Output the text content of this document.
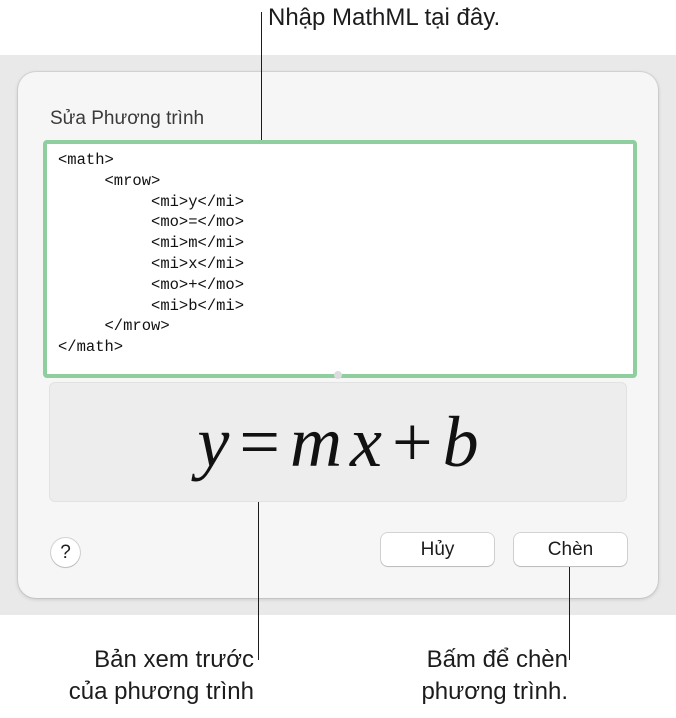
Sửa Phương trình
<math>
<mrow>
<mi>y</mi>
<mo>=</mo>
<mi>m</mi>
<mi>x</mi>
<mo>+</mo>
<mi>b</mi>
</mrow>
</math>
y = m x + b
?	Hủy	Chèn
Nhập MathML tại đây.
Bản xem trước
của phương trình
Bấm để chèn
phương trình.
